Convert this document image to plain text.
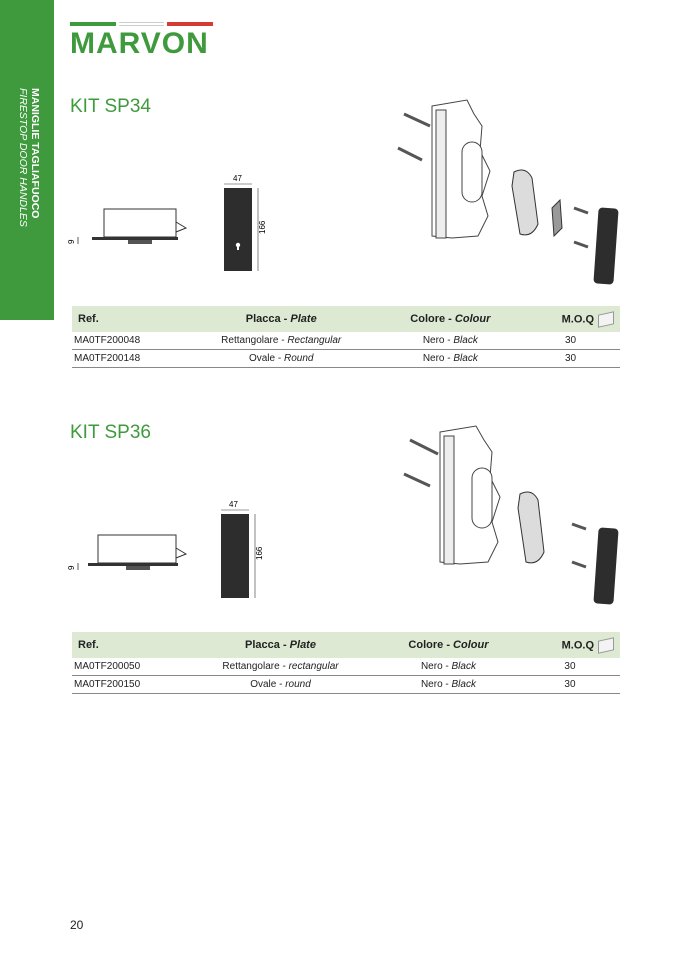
MANIGLIE TAGLIAFUOCO
FIRESTOP DOOR HANDLES
MARVON
KIT SP34
9
47
166
Ref.	Placca - Plate	Colore - Colour	M.O.Q
MA0TF200048	Rettangolare - Rectangular	Nero - Black	30
MA0TF200148	Ovale - Round	Nero - Black	30
KIT SP36
9
47
166
Ref.	Placca - Plate	Colore - Colour	M.O.Q
MA0TF200050	Rettangolare - rectangular	Nero - Black	30
MA0TF200150	Ovale - round	Nero - Black	30
20
